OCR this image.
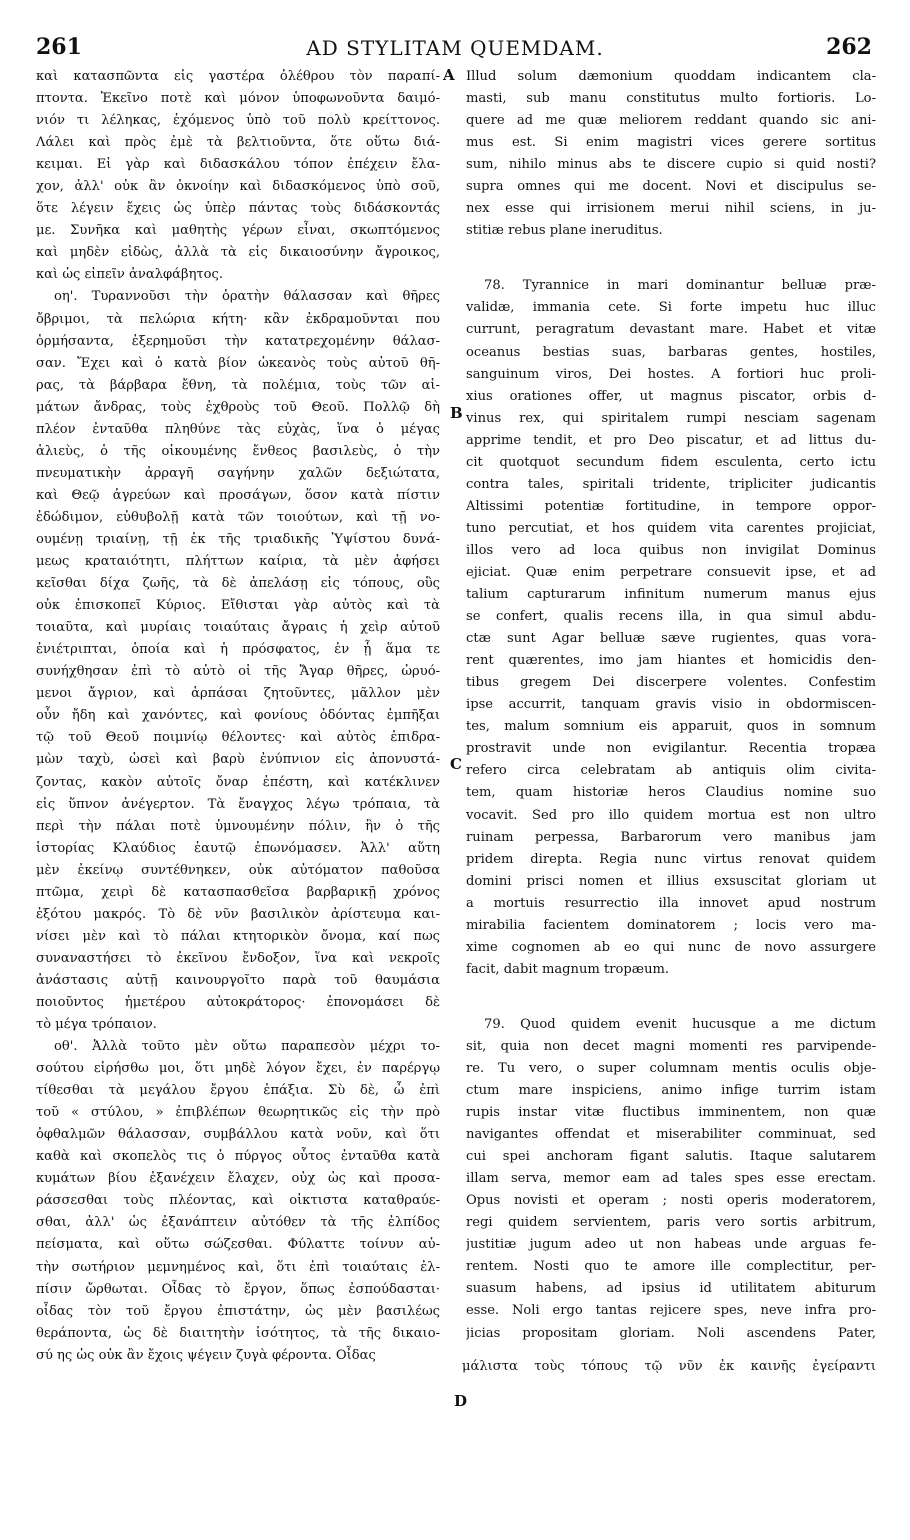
261	AD STYLITAM QUEMDAM.	262
καὶ κατασπῶντα εἰς γαστέρα ὀλέθρου τὸν παραπί-
πτοντα. Ἐκεῖνο ποτὲ καὶ μόνον ὑποφωνοῦντα δαιμό-
νιόν τι λέληκας, ἐχόμενος ὑπὸ τοῦ πολὺ κρείττονος.
Λάλει καὶ πρὸς ἐμὲ τὰ βελτιοῦντα, ὅτε οὕτω διά-
κειμαι. Εἰ γὰρ καὶ διδασκάλου τόπον ἐπέχειν ἔλα-
χον, ἀλλ' οὐκ ἂν ὀκνοίην καὶ διδασκόμενος ὑπὸ σοῦ,
ὅτε λέγειν ἔχεις ὡς ὑπὲρ πάντας τοὺς διδάσκοντάς
με. Συνῆκα καὶ μαθητὴς γέρων εἶναι, σκωπτόμενος
καὶ μηδὲν εἰδὼς, ἀλλὰ τὰ εἰς δικαιοσύνην ἄγροικος,
καὶ ὡς εἰπεῖν ἀναλφάβητος.
οη'. Τυραννοῦσι τὴν ὁρατὴν θάλασσαν καὶ θῆρες
ὄβριμοι, τὰ πελώρια κήτη· κἂν ἐκδραμοῦνται που
ὁρμήσαντα, ἐξερημοῦσι τὴν κατατρεχομένην θάλασ-
σαν. Ἔχει καὶ ὁ κατὰ βίον ὠκεανὸς τοὺς αὐτοῦ θῆ-
ρας, τὰ βάρβαρα ἔθνη, τὰ πολέμια, τοὺς τῶν αἱ-
μάτων ἄνδρας, τοὺς ἐχθροὺς τοῦ Θεοῦ. Πολλῷ δὴ
πλέον ἐνταῦθα πληθύνε τὰς εὐχὰς, ἵνα ὁ μέγας
ἁλιεὺς, ὁ τῆς οἰκουμένης ἔνθεος βασιλεὺς, ὁ τὴν
πνευματικὴν ἀρραγῆ σαγήνην χαλῶν δεξιώτατα,
καὶ Θεῷ ἀγρεύων καὶ προσάγων, ὅσον κατὰ πίστιν
ἐδώδιμον, εὐθυβολῇ κατὰ τῶν τοιούτων, καὶ τῇ νο-
ουμένῃ τριαίνῃ, τῇ ἐκ τῆς τριαδικῆς Ὑψίστου δυνά-
μεως κραταιότητι, πλήττων καίρια, τὰ μὲν ἀφήσει
κεῖσθαι δίχα ζωῆς, τὰ δὲ ἀπελάσῃ εἰς τόπους, οὓς
οὐκ ἐπισκοπεῖ Κύριος. Εἴθισται γὰρ αὐτὸς καὶ τὰ
τοιαῦτα, καὶ μυρίαις τοιαύταις ἄγραις ἡ χεὶρ αὐτοῦ
ἐνιέτριπται, ὁποία καὶ ἡ πρόσφατος, ἐν ᾗ ἅμα τε
συνήχθησαν ἐπὶ τὸ αὐτὸ οἱ τῆς Ἄγαρ θῆρες, ὠρυό-
μενοι ἄγριον, καὶ ἁρπάσαι ζητοῦντες, μᾶλλον μὲν
οὖν ἤδη καὶ χανόντες, καὶ φονίους ὀδόντας ἐμπῆξαι
τῷ τοῦ Θεοῦ ποιμνίῳ θέλοντες· καὶ αὐτὸς ἐπιδρα-
μὼν ταχὺ, ὡσεὶ καὶ βαρὺ ἐνύπνιον εἰς ἀπονυστά-
ζοντας, κακὸν αὐτοῖς ὄναρ ἐπέστη, καὶ κατέκλινεν
εἰς ὕπνον ἀνέγερτον. Τὰ ἔναγχος λέγω τρόπαια, τὰ
περὶ τὴν πάλαι ποτὲ ὑμνουμένην πόλιν, ἣν ὁ τῆς
ἱστορίας Κλαύδιος ἑαυτῷ ἐπωνόμασεν. Ἀλλ' αὕτη
μὲν ἐκείνῳ συντέθνηκεν, οὐκ αὐτόματον παθοῦσα
πτῶμα, χειρὶ δὲ κατασπασθεῖσα βαρβαρικῇ χρόνος
ἐξότου μακρός. Τὸ δὲ νῦν βασιλικὸν ἀρίστευμα και-
νίσει μὲν καὶ τὸ πάλαι κτητορικὸν ὄνομα, καί πως
συναναστήσει τὸ ἐκεῖνου ἔνδοξον, ἵνα καὶ νεκροῖς
ἀνάστασις αὐτῇ καινουργοῖτο παρὰ τοῦ θαυμάσια
ποιοῦντος ἡμετέρου αὐτοκράτορος· ἐπονομάσει δὲ
τὸ μέγα τρόπαιον.
οθ'. Ἀλλὰ τοῦτο μὲν οὕτω παραπεσὸν μέχρι το-
σούτου εἰρήσθω μοι, ὅτι μηδὲ λόγον ἔχει, ἐν παρέργῳ
τίθεσθαι τὰ μεγάλου ἔργου ἐπάξια. Σὺ δὲ, ὦ ἐπὶ
τοῦ « στύλου, » ἐπιβλέπων θεωρητικῶς εἰς τὴν πρὸ
ὀφθαλμῶν θάλασσαν, συμβάλλου κατὰ νοῦν, καὶ ὅτι
καθὰ καὶ σκοπελὸς τις ὁ πύργος οὗτος ἐνταῦθα κατὰ
κυμάτων βίου ἐξανέχειν ἔλαχεν, οὐχ ὡς καὶ προσα-
ράσσεσθαι τοὺς πλέοντας, καὶ οἰκτιστα καταθραύε-
σθαι, ἀλλ' ὡς ἐξανάπτειν αὐτόθεν τὰ τῆς ἐλπίδος
πείσματα, καὶ οὕτω σώζεσθαι. Φύλαττε τοίνυν αὐ-
τὴν σωτήριον μεμνημένος καὶ, ὅτι ἐπὶ τοιαύταις ἐλ-
πίσιν ὤρθωται. Οἶδας τὸ ἔργον, ὅπως ἐσπούδασται·
οἶδας τὸν τοῦ ἔργου ἐπιστάτην, ὡς μὲν βασιλέως
θεράποντα, ὡς δὲ διαιτητὴν ἰσότητος, τὰ τῆς δικαιο-
σύ ης ὡς οὐκ ἂν ἔχοις ψέγειν ζυγὰ φέροντα. Οἶδας
Illud solum dæmonium quoddam indicantem cla-
masti, sub manu constitutus multo fortioris. Lo-
quere ad me quæ meliorem reddant quando sic ani-
mus est. Si enim magistri vices gerere sortitus
sum, nihilo minus abs te discere cupio si quid nosti?
supra omnes qui me docent. Novi et discipulus se-
nex esse qui irrisionem merui nihil sciens, in ju-
stitiæ rebus plane ineruditus.
78. Tyrannice in mari dominantur belluæ præ-
validæ, immania cete. Si forte impetu huc illuc
currunt, peragratum devastant mare. Habet et vitæ
oceanus bestias suas, barbaras gentes, hostiles,
sanguinum viros, Dei hostes. A fortiori huc proli-
xius orationes offer, ut magnus piscator, orbis d-
vinus rex, qui spiritalem rumpi nesciam sagenam
apprime tendit, et pro Deo piscatur, et ad littus du-
cit quotquot secundum fidem esculenta, certo ictu
contra tales, spiritali tridente, tripliciter judicantis
Altissimi potentiæ fortitudine, in tempore oppor-
tuno percutiat, et hos quidem vita carentes projiciat,
illos vero ad loca quibus non invigilat Dominus
ejiciat. Quæ enim perpetrare consuevit ipse, et ad
talium capturarum infinitum numerum manus ejus
se confert, qualis recens illa, in qua simul abdu-
ctæ sunt Agar belluæ sæve rugientes, quas vora-
rent quærentes, imo jam hiantes et homicidis den-
tibus gregem Dei discerpere volentes. Confestim
ipse accurrit, tanquam gravis visio in obdormiscen-
tes, malum somnium eis apparuit, quos in somnum
prostravit unde non evigilantur. Recentia tropæa
refero circa celebratam ab antiquis olim civita-
tem, quam historiæ heros Claudius nomine suo
vocavit. Sed pro illo quidem mortua est non ultro
ruinam perpessa, Barbarorum vero manibus jam
pridem direpta. Regia nunc virtus renovat quidem
domini prisci nomen et illius exsuscitat gloriam ut
a mortuis resurrectio illa innovet apud nostrum
mirabilia facientem dominatorem ; locis vero ma-
xime cognomen ab eo qui nunc de novo assurgere
facit, dabit magnum tropæum.
79. Quod quidem evenit hucusque a me dictum
sit, quia non decet magni momenti res parvipende-
re. Tu vero, o super columnam mentis oculis obje-
ctum mare inspiciens, animo infige turrim istam
rupis instar vitæ fluctibus imminentem, non quæ
navigantes offendat et miserabiliter comminuat, sed
cui spei anchoram figant salutis. Itaque salutarem
illam serva, memor eam ad tales spes esse erectam.
Opus novisti et operam ; nosti operis moderatorem,
regi quidem servientem, paris vero sortis arbitrum,
justitiæ jugum adeo ut non habeas unde arguas fe-
rentem. Nosti quo te amore ille complectitur, per-
suasum habens, ad ipsius id utilitatem abiturum
esse. Noli ergo tantas rejicere spes, neve infra pro-
jicias propositam gloriam. Noli ascendens Pater,
μάλιστα τοὺς τόπους τῷ νῦν ἐκ καινῆς ἐγείραντι
A
B
C
D
